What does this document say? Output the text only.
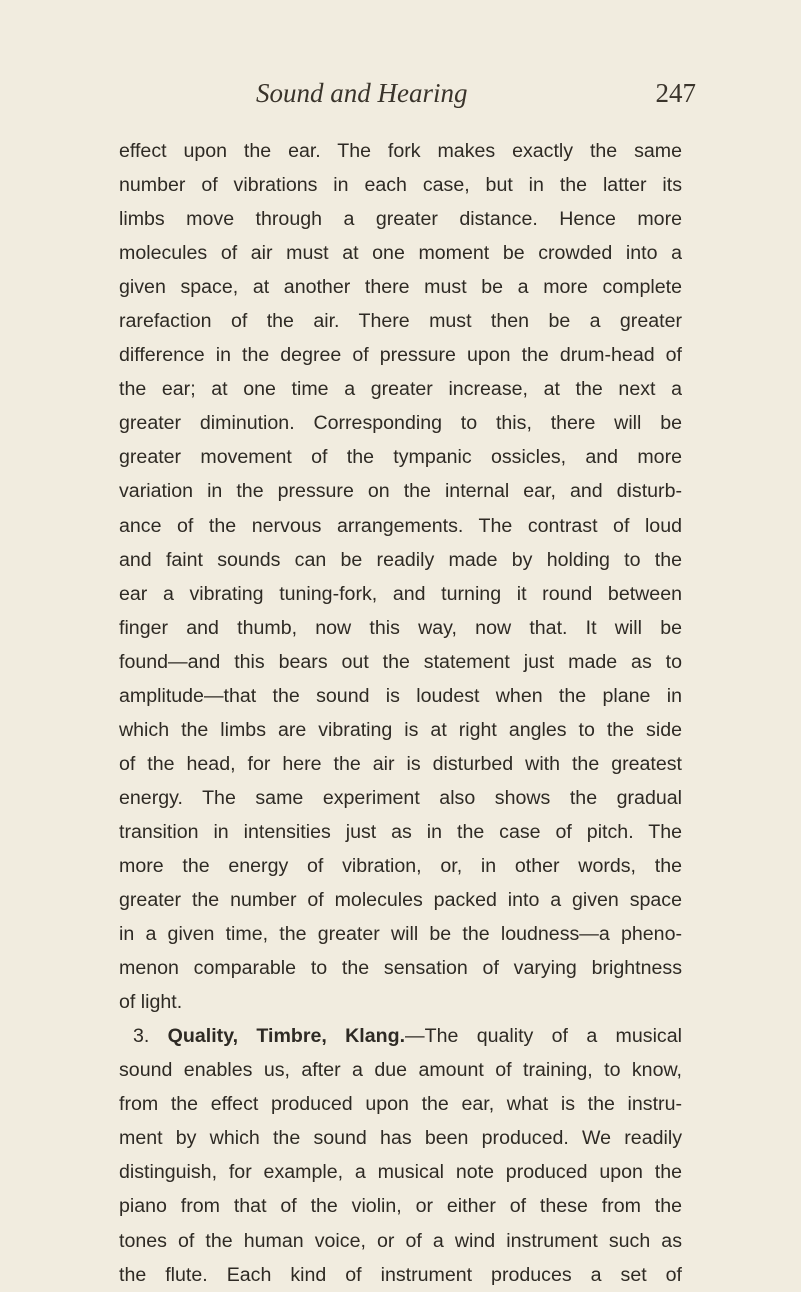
Sound and Hearing	247
effect upon the ear. The fork makes exactly the same
number of vibrations in each case, but in the latter its
limbs move through a greater distance. Hence more
molecules of air must at one moment be crowded into a
given space, at another there must be a more complete
rarefaction of the air. There must then be a greater
difference in the degree of pressure upon the drum-head of
the ear; at one time a greater increase, at the next a
greater diminution. Corresponding to this, there will be
greater movement of the tympanic ossicles, and more
variation in the pressure on the internal ear, and disturb-
ance of the nervous arrangements. The contrast of loud
and faint sounds can be readily made by holding to the
ear a vibrating tuning-fork, and turning it round between
finger and thumb, now this way, now that. It will be
found—and this bears out the statement just made as to
amplitude—that the sound is loudest when the plane in
which the limbs are vibrating is at right angles to the side
of the head, for here the air is disturbed with the greatest
energy. The same experiment also shows the gradual
transition in intensities just as in the case of pitch. The
more the energy of vibration, or, in other words, the
greater the number of molecules packed into a given space
in a given time, the greater will be the loudness—a pheno-
menon comparable to the sensation of varying brightness
of light.
3. Quality, Timbre, Klang.—The quality of a musical
sound enables us, after a due amount of training, to know,
from the effect produced upon the ear, what is the instru-
ment by which the sound has been produced. We readily
distinguish, for example, a musical note produced upon the
piano from that of the violin, or either of these from the
tones of the human voice, or of a wind instrument such as
the flute. Each kind of instrument produces a set of
